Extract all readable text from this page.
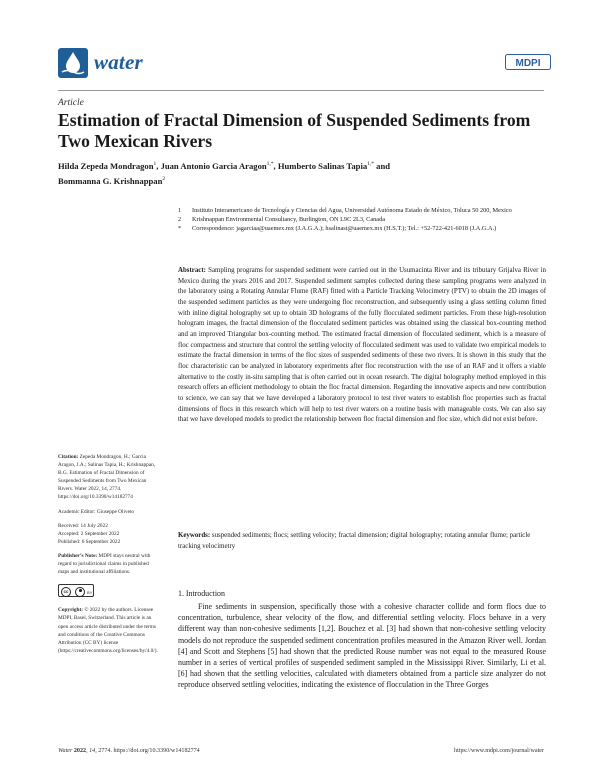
water	MDPI
Article
Estimation of Fractal Dimension of Suspended Sediments from Two Mexican Rivers
Hilda Zepeda Mondragon$^1$, Juan Antonio Garcia Aragon$^{1,*}$, Humberto Salinas Tapia$^{1,*}$ and
Bommanna G. Krishnappan$^2$
1 Instituto Interamericano de Tecnología y Ciencias del Agua, Universidad Autónoma Estado de México, Toluca 50 200, Mexico
2 Krishnappan Environmental Consultancy, Burlington, ON L9C 2L3, Canada
* Correspondence: jagarciaa@uaemex.mx (J.A.G.A.); hsalinast@uaemex.mx (H.S.T.); Tel.: +52-722-421-6018 (J.A.G.A.)
Abstract: Sampling programs for suspended sediment were carried out in the Usumacinta River and its tributary Grijalva River in Mexico during the years 2016 and 2017. Suspended sediment samples collected during these sampling programs were analyzed in the laboratory using a Rotating Annular Flume (RAF) fitted with a Particle Tracking Velocimetry (PTV) to obtain the 2D images of the suspended sediment particles as they were undergoing floc reconstruction, and subsequently using a glass settling column fitted with inline digital holography set up to obtain 3D holograms of the fully flocculated sediment particles. From these high-resolution hologram images, the fractal dimension of the flocculated sediment particles was obtained using the classical box-counting method and an improved Triangular box-counting method. The estimated fractal dimension of flocculated sediment, which is a measure of floc compactness and structure that control the settling velocity of flocculated sediment was used to validate two empirical models to estimate the fractal dimension in terms of the floc sizes of suspended sediments of these two rivers. It is shown in this study that the floc characteristic can be analyzed in laboratory experiments after floc reconstruction with the use of an RAF and it offers a viable alternative to the costly in-situ sampling that is often carried out in ocean research. The digital holography method employed in this research offers an efficient methodology to obtain the floc fractal dimension. Regarding the innovative aspects and new contribution to science, we can say that we have developed a laboratory protocol to test river waters to establish floc properties such as fractal dimensions of flocs in this research which will help to test river waters on a routine basis with manageable costs. We can also say that we have developed models to predict the relationship between floc fractal dimension and floc size, which did not exist before.
Keywords: suspended sediments; flocs; settling velocity; fractal dimension; digital holography; rotating annular flume; particle tracking velocimetry
Citation: Zepeda Mondragon, H.; Garcia Aragon, J.A.; Salinas Tapia, H.; Krishnappan, B.G. Estimation of Fractal Dimension of Suspended Sediments from Two Mexican Rivers. Water 2022, 14, 2774. https://doi.org/10.3390/w14182774
Academic Editor: Giuseppe Oliveto
Received: 14 July 2022
Accepted: 2 September 2022
Published: 6 September 2022
Publisher’s Note: MDPI stays neutral with regard to jurisdictional claims in published maps and institutional affiliations.
cc	BY
Copyright: © 2022 by the authors. Licensee MDPI, Basel, Switzerland. This article is an open access article distributed under the terms and conditions of the Creative Commons Attribution (CC BY) license (https://creativecommons.org/licenses/by/4.0/).
1. Introduction

Fine sediments in suspension, specifically those with a cohesive character collide and form flocs due to concentration, turbulence, shear velocity of the flow, and differential settling velocity. Flocs behave in a very different way than non-cohesive sediments [1,2]. Bouchez et al. [3] had shown that non-cohesive settling velocity models do not reproduce the suspended sediment concentration profiles measured in the Amazon River well. Jordan [4] and Scott and Stephens [5] had shown that the predicted Rouse number was not equal to the measured Rouse number in a series of vertical profiles of suspended sediment sampled in the Mississippi River. Similarly, Li et al. [6] had shown that the settling velocities, calculated with diameters obtained from a particle size analyzer do not reproduce observed settling velocities, indicating the existence of flocculation in the Three Gorges

Water 2022, 14, 2774. https://doi.org/10.3390/w14182774	https://www.mdpi.com/journal/water
